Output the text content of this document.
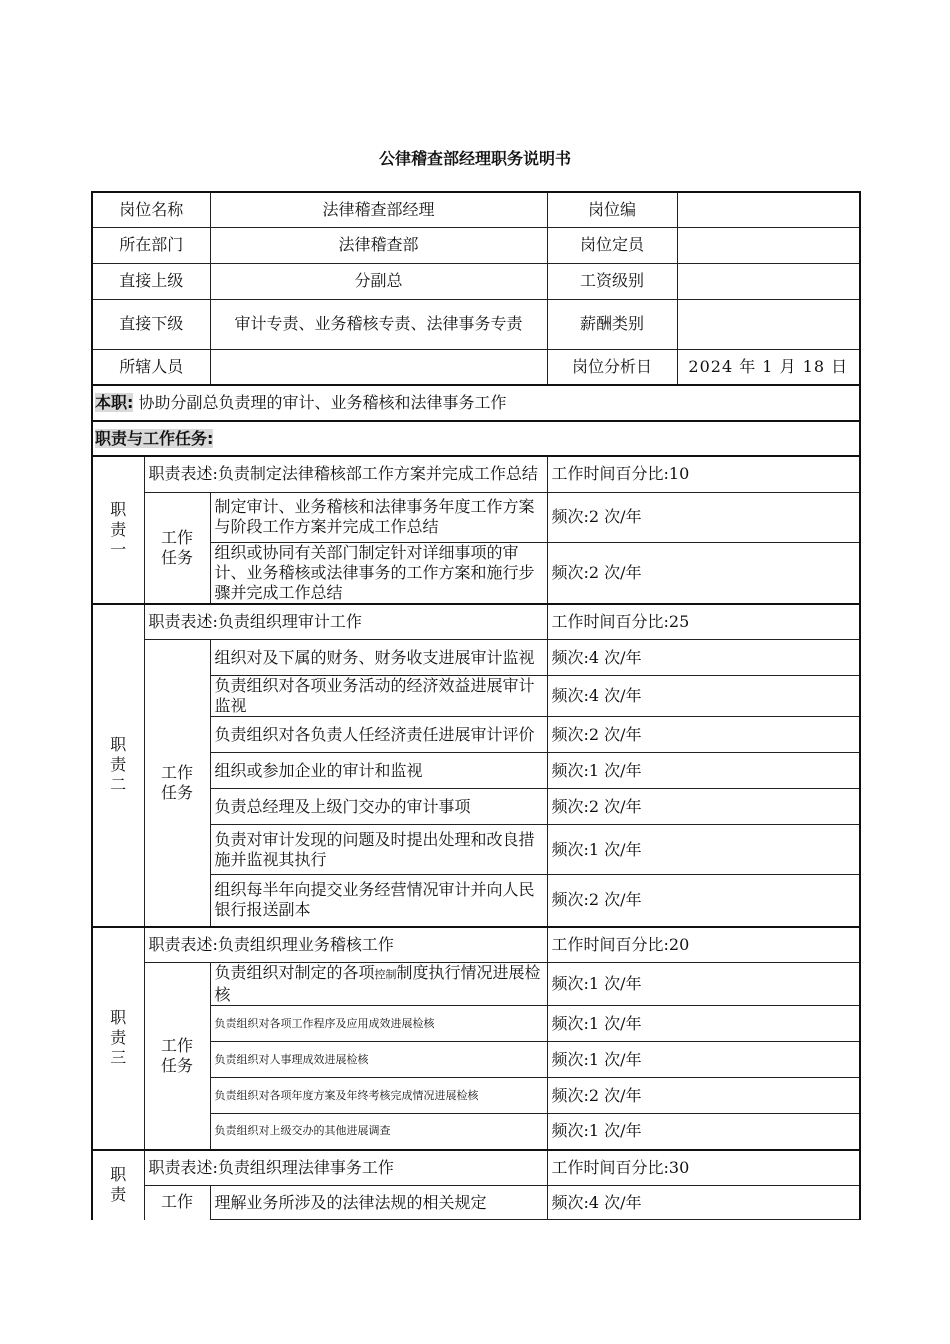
公律稽查部经理职务说明书
岗位名称		法律稽查部经理	岗位编	
所在部门		法律稽查部	岗位定员	
直接上级		分副总	工资级别	
直接下级		审计专责、业务稽核专责、法律事务专责	薪酬类别	
所辖人员			岗位分析日	2024 年 1 月 18 日
本职: 协助分副总负责理的审计、业务稽核和法律事务工作				
职责与工作任务:				
职
责
一	职责表述:负责制定法律稽核部工作方案并完成工作总结		工作时间百分比:10	
	工作
任务	制定审计、业务稽核和法律事务年度工作方案与阶段工作方案并完成工作总结	频次:2 次/年	
		组织或协同有关部门制定针对详细事项的审计、业务稽核或法律事务的工作方案和施行步骤并完成工作总结	频次:2 次/年	
职
责
二	职责表述:负责组织理审计工作		工作时间百分比:25	
	工作
任务	组织对及下属的财务、财务收支进展审计监视	频次:4 次/年	
		负责组织对各项业务活动的经济效益进展审计监视	频次:4 次/年	
		负责组织对各负责人任经济责任进展审计评价	频次:2 次/年	
		组织或参加企业的审计和监视	频次:1 次/年	
		负责总经理及上级门交办的审计事项	频次:2 次/年	
		负责对审计发现的问题及时提出处理和改良措施并监视其执行	频次:1 次/年	
		组织每半年向提交业务经营情况审计并向人民银行报送副本	频次:2 次/年	
职
责
三	职责表述:负责组织理业务稽核工作		工作时间百分比:20	
	工作
任务	负责组织对制定的各项控制制度执行情况进展检核	频次:1 次/年	
		负责组织对各项工作程序及应用成效进展检核	频次:1 次/年	
		负责组织对人事理成效进展检核	频次:1 次/年	
		负责组织对各项年度方案及年终考核完成情况进展检核	频次:2 次/年	
		负责组织对上级交办的其他进展调查	频次:1 次/年	
职
责	职责表述:负责组织理法律事务工作		工作时间百分比:30	
	工作	理解业务所涉及的法律法规的相关规定	频次:4 次/年	
